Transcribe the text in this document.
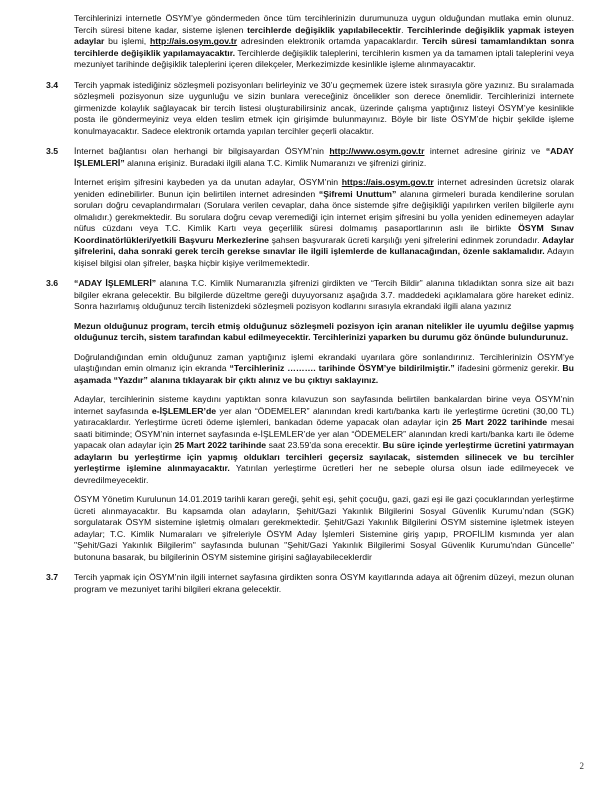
Tercihlerinizi internetle ÖSYM’ye göndermeden önce tüm tercihlerinizin durumunuza uygun olduğundan mutlaka emin olunuz. Tercih süresi bitene kadar, sisteme işlenen tercihlerde değişiklik yapılabilecektir. Tercihlerinde değişiklik yapmak isteyen adaylar bu işlemi, http://ais.osym.gov.tr adresinden elektronik ortamda yapacaklardır. Tercih süresi tamamlandıktan sonra tercihlerde değişiklik yapılamayacaktır. Tercihlerde değişiklik taleplerini, tercihlerin kısmen ya da tamamen iptali taleplerini veya mezuniyet tarihinde değişiklik taleplerini içeren dilekçeler, Merkezimizde kesinlikle işleme alınmayacaktır.

3.4 Tercih yapmak istediğiniz sözleşmeli pozisyonları belirleyiniz ve 30’u geçmemek üzere istek sırasıyla göre yazınız. Bu sıralamada sözleşmeli pozisyonun size uygunluğu ve sizin bunlara vereceğiniz öncelikler son derece önemlidir. Tercihlerinizi internete girmenizde kolaylık sağlayacak bir tercih listesi oluşturabilirsiniz ancak, üzerinde çalışma yaptığınız listeyi ÖSYM’ye kesinlikle posta ile göndermeyiniz veya elden teslim etmek için girişimde bulunmayınız. Böyle bir liste ÖSYM’de hiçbir şekilde işleme konulmayacaktır. Sadece elektronik ortamda yapılan tercihler geçerli olacaktır.

3.5 İnternet bağlantısı olan herhangi bir bilgisayardan ÖSYM’nin http://www.osym.gov.tr internet adresine giriniz ve “ADAY İŞLEMLERİ” alanına erişiniz. Buradaki ilgili alana T.C. Kimlik Numaranızı ve şifrenizi giriniz.

İnternet erişim şifresini kaybeden ya da unutan adaylar, ÖSYM’nin https://ais.osym.gov.tr internet adresinden ücretsiz olarak yeniden edinebilirler. Bunun için belirtilen internet adresinden “Şifremi Unuttum” alanına girmeleri burada kendilerine sorulan soruları doğru cevaplandırmaları (Sorulara verilen cevaplar, daha önce sistemde şifre değişikliği yapılırken verilen bilgilerle aynı olmalıdır.) gerekmektedir. Bu sorulara doğru cevap veremediği için internet erişim şifresini bu yolla yeniden edinemeyen adaylar nüfus cüzdanı veya T.C. Kimlik Kartı veya geçerlilik süresi dolmamış pasaportlarının aslı ile birlikte ÖSYM Sınav Koordinatörlükleri/yetkili Başvuru Merkezlerine şahsen başvurarak ücreti karşılığı yeni şifrelerini edinmek zorundadır. Adaylar şifrelerini, daha sonraki gerek tercih gerekse sınavlar ile ilgili işlemlerde de kullanacağından, özenle saklamalıdır. Adayın kişisel bilgisi olan şifreler, başka hiçbir kişiye verilmemektedir.

3.6 “ADAY İŞLEMLERİ” alanına T.C. Kimlik Numaranızla şifrenizi girdikten ve “Tercih Bildir” alanına tıkladıktan sonra size ait bazı bilgiler ekrana gelecektir. Bu bilgilerde düzeltme gereği duyuyorsanız aşağıda 3.7. maddedeki açıklamalara göre hareket ediniz. Sonra hazırlamış olduğunuz tercih listenizdeki sözleşmeli pozisyon kodlarını sırasıyla ekrandaki ilgili alana yazınız

Mezun olduğunuz program, tercih etmiş olduğunuz sözleşmeli pozisyon için aranan nitelikler ile uyumlu değilse yapmış olduğunuz tercih, sistem tarafından kabul edilmeyecektir. Tercihlerinizi yaparken bu durumu göz önünde bulundurunuz.

Doğrulandığından emin olduğunuz zaman yaptığınız işlemi ekrandaki uyarılara göre sonlandırınız. Tercihlerinizin ÖSYM’ye ulaştığından emin olmanız için ekranda “Tercihleriniz ………. tarihinde ÖSYM’ye bildirilmiştir.” ifadesini görmeniz gerekir. Bu aşamada “Yazdır” alanına tıklayarak bir çıktı alınız ve bu çıktıyı saklayınız.

Adaylar, tercihlerinin sisteme kaydını yaptıktan sonra kılavuzun son sayfasında belirtilen bankalardan birine veya ÖSYM’nin internet sayfasında e-İŞLEMLER’de yer alan “ÖDEMELER” alanından kredi kartı/banka kartı ile yerleştirme ücretini (30,00 TL) yatıracaklardır. Yerleştirme ücreti ödeme işlemleri, bankadan ödeme yapacak olan adaylar için 25 Mart 2022 tarihinde mesai saati bitiminde; ÖSYM’nin internet sayfasında e-İŞLEMLER’de yer alan “ÖDEMELER” alanından kredi kartı/banka kartı ile ödeme yapacak olan adaylar için 25 Mart 2022 tarihinde saat 23.59’da sona erecektir. Bu süre içinde yerleştirme ücretini yatırmayan adayların bu yerleştirme için yapmış oldukları tercihleri geçersiz sayılacak, sistemden silinecek ve bu tercihler yerleştirme işlemine alınmayacaktır. Yatırılan yerleştirme ücretleri her ne sebeple olursa olsun iade edilmeyecek ve devredilmeyecektir.

ÖSYM Yönetim Kurulunun 14.01.2019 tarihli kararı gereği, şehit eşi, şehit çocuğu, gazi, gazi eşi ile gazi çocuklarından yerleştirme ücreti alınmayacaktır. Bu kapsamda olan adayların, Şehit/Gazi Yakınlık Bilgilerini Sosyal Güvenlik Kurumu’ndan (SGK) sorgulatarak ÖSYM sistemine işletmiş olmaları gerekmektedir. Şehit/Gazi Yakınlık Bilgilerini ÖSYM sistemine işletmek isteyen adaylar; T.C. Kimlik Numaraları ve şifreleriyle ÖSYM Aday İşlemleri Sistemine giriş yapıp, PROFİLİM kısmında yer alan "Şehit/Gazi Yakınlık Bilgilerim" sayfasında bulunan "Şehit/Gazi Yakınlık Bilgilerimi Sosyal Güvenlik Kurumu'ndan Güncelle" butonuna basarak, bu bilgilerinin ÖSYM sistemine girişini sağlayabileceklerdir

3.7 Tercih yapmak için ÖSYM’nin ilgili internet sayfasına girdikten sonra ÖSYM kayıtlarında adaya ait öğrenim düzeyi, mezun olunan program ve mezuniyet tarihi bilgileri ekrana gelecektir.

2
